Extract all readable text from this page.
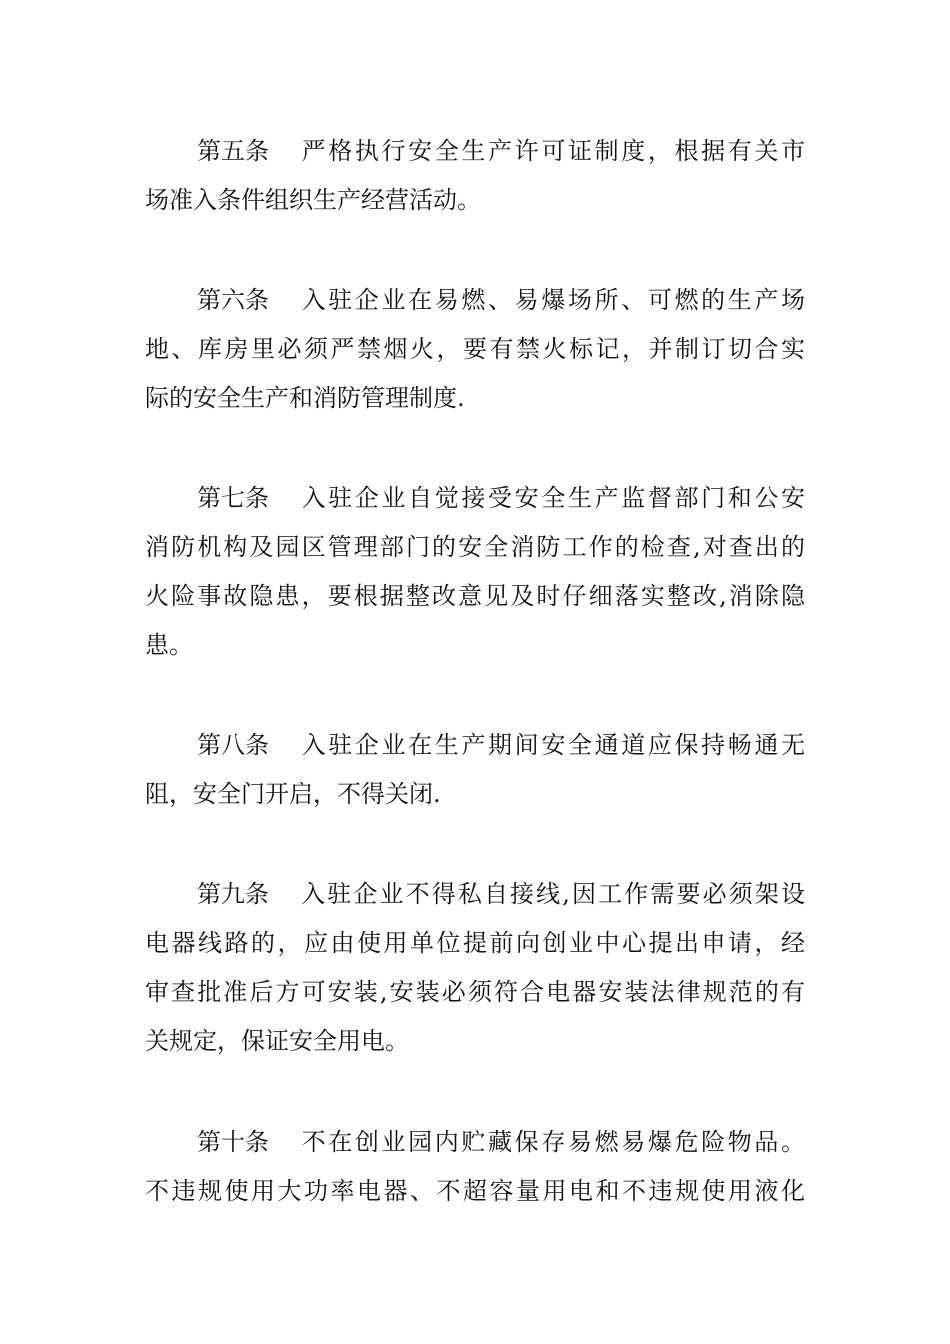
第五条 严格执行安全生产许可证制度，根据有关市
场准入条件组织生产经营活动。
第六条 入驻企业在易燃、易爆场所、可燃的生产场
地、库房里必须严禁烟火，要有禁火标记，并制订切合实
际的安全生产和消防管理制度.
第七条 入驻企业自觉接受安全生产监督部门和公安
消防机构及园区管理部门的安全消防工作的检查,对查出的
火险事故隐患，要根据整改意见及时仔细落实整改,消除隐
患。
第八条 入驻企业在生产期间安全通道应保持畅通无
阻，安全门开启，不得关闭.
第九条 入驻企业不得私自接线,因工作需要必须架设
电器线路的，应由使用单位提前向创业中心提出申请，经
审查批准后方可安装,安装必须符合电器安装法律规范的有
关规定，保证安全用电。
第十条 不在创业园内贮藏保存易燃易爆危险物品。
不违规使用大功率电器、不超容量用电和不违规使用液化
